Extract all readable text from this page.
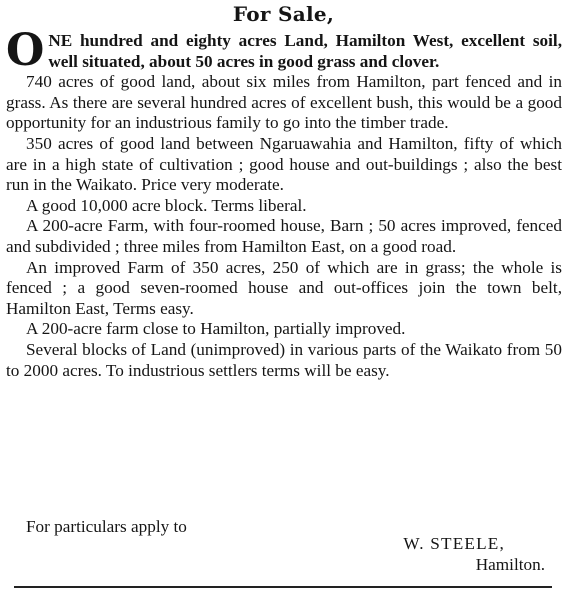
For Sale,

ONE hundred and eighty acres Land, Hamilton West, excellent soil, well situated, about 50 acres in good grass and clover.

740 acres of good land, about six miles from Hamilton, part fenced and in grass. As there are several hundred acres of excellent bush, this would be a good opportunity for an industrious family to go into the timber trade.

350 acres of good land between Ngaruawahia and Hamilton, fifty of which are in a high state of cultivation ; good house and out-buildings ; also the best run in the Waikato. Price very moderate.

A good 10,000 acre block. Terms liberal.

A 200-acre Farm, with four-roomed house, Barn ; 50 acres improved, fenced and subdivided ; three miles from Hamilton East, on a good road.

An improved Farm of 350 acres, 250 of which are in grass; the whole is fenced ; a good seven-roomed house and out-offices join the town belt, Hamilton East, Terms easy.

A 200-acre farm close to Hamilton, partially improved.

Several blocks of Land (unimproved) in various parts of the Waikato from 50 to 2000 acres. To industrious settlers terms will be easy.

For particulars apply to
W. STEELE,
Hamilton.
